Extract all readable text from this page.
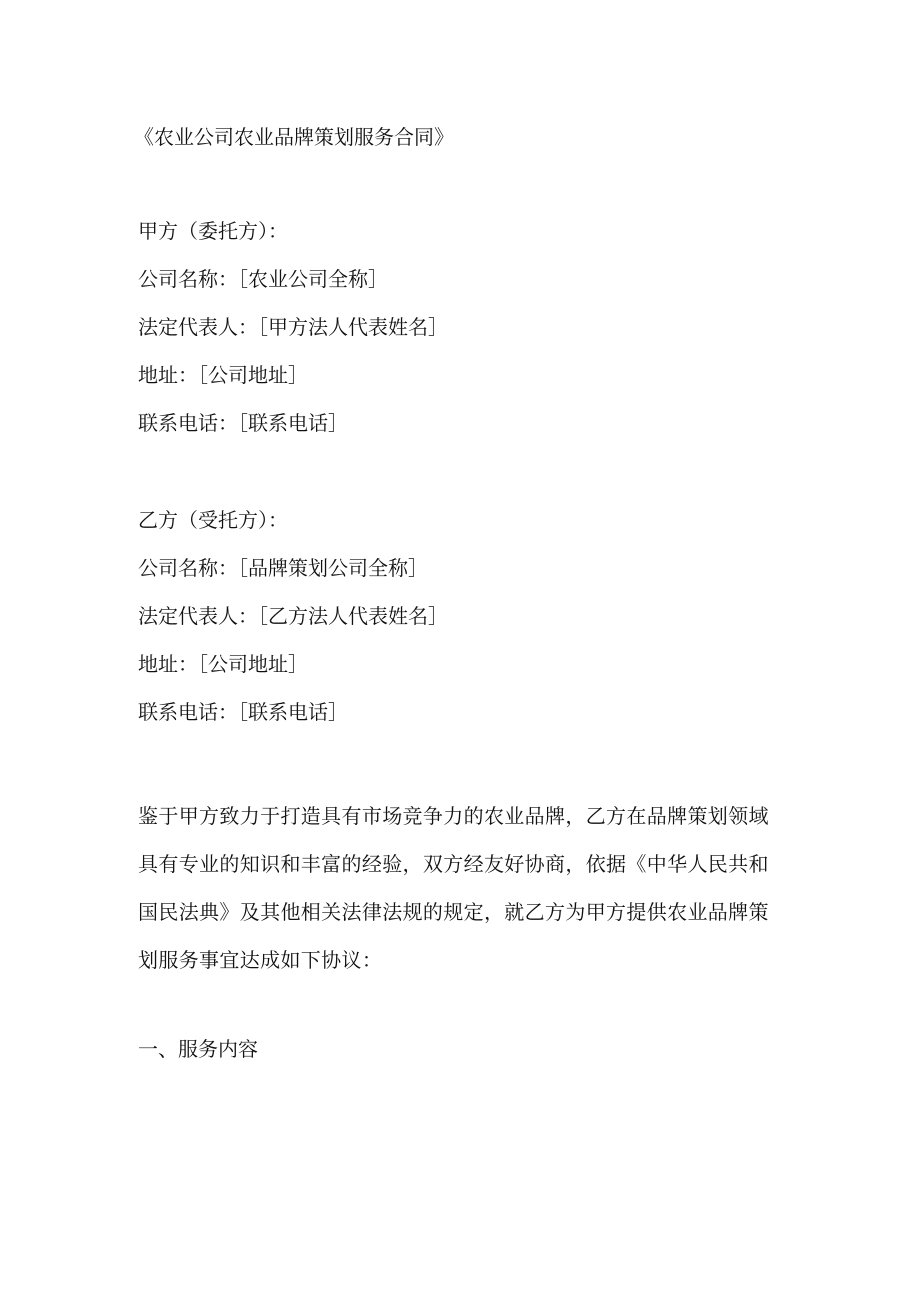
《农业公司农业品牌策划服务合同》
甲方（委托方）：
公司名称：［农业公司全称］
法定代表人：［甲方法人代表姓名］
地址：［公司地址］
联系电话：［联系电话］
乙方（受托方）：
公司名称：［品牌策划公司全称］
法定代表人：［乙方法人代表姓名］
地址：［公司地址］
联系电话：［联系电话］
鉴于甲方致力于打造具有市场竞争力的农业品牌，乙方在品牌策划领域
具有专业的知识和丰富的经验，双方经友好协商，依据《中华人民共和
国民法典》及其他相关法律法规的规定，就乙方为甲方提供农业品牌策
划服务事宜达成如下协议：
一、服务内容
